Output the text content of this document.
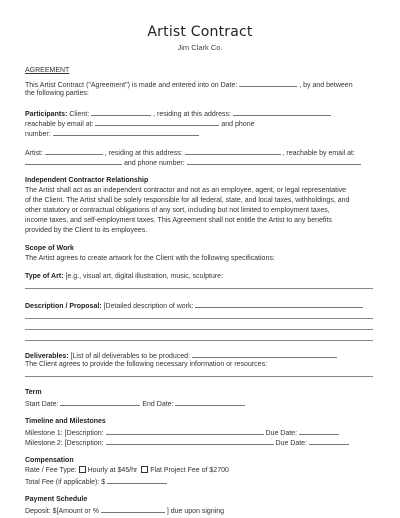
Artist Contract
Jim Clark Co.
AGREEMENT
This Artist Contract ("Agreement") is made and entered into on Date:	, by and between
the following parties:
Participants: Client:	, residing at this address:
reachable by email at:	and phone
number:
Artist:	, residing at this address:	, reachable by email at:
and phone number:
Independent Contractor Relationship
The Artist shall act as an independent contractor and not as an employee, agent, or legal representative
of the Client. The Artist shall be solely responsible for all federal, state, and local taxes, withholdings, and
other statutory or contractual obligations of any sort, including but not limited to employment taxes,
income taxes, and self-employment taxes. This Agreement shall not entitle the Artist to any benefits
provided by the Client to its employees.
Scope of Work
The Artist agrees to create artwork for the Client with the following specifications:
Type of Art: [e.g., visual art, digital illustration, music, sculpture:
Description / Proposal: [Detailed description of work:
Deliverables: [List of all deliverables to be produced:
The Client agrees to provide the following necessary information or resources:
Term
Start Date:	End Date:
Timeline and Milestones
Milestone 1: [Description:	Due Date:
Milestone 2: [Description:	Due Date:
Compensation
Rate / Fee Type: Hourly at $45/hr Flat Project Fee of $2700
Total Fee (if applicable): $
Payment Schedule
Deposit: $[Amount or %	] due upon signing
